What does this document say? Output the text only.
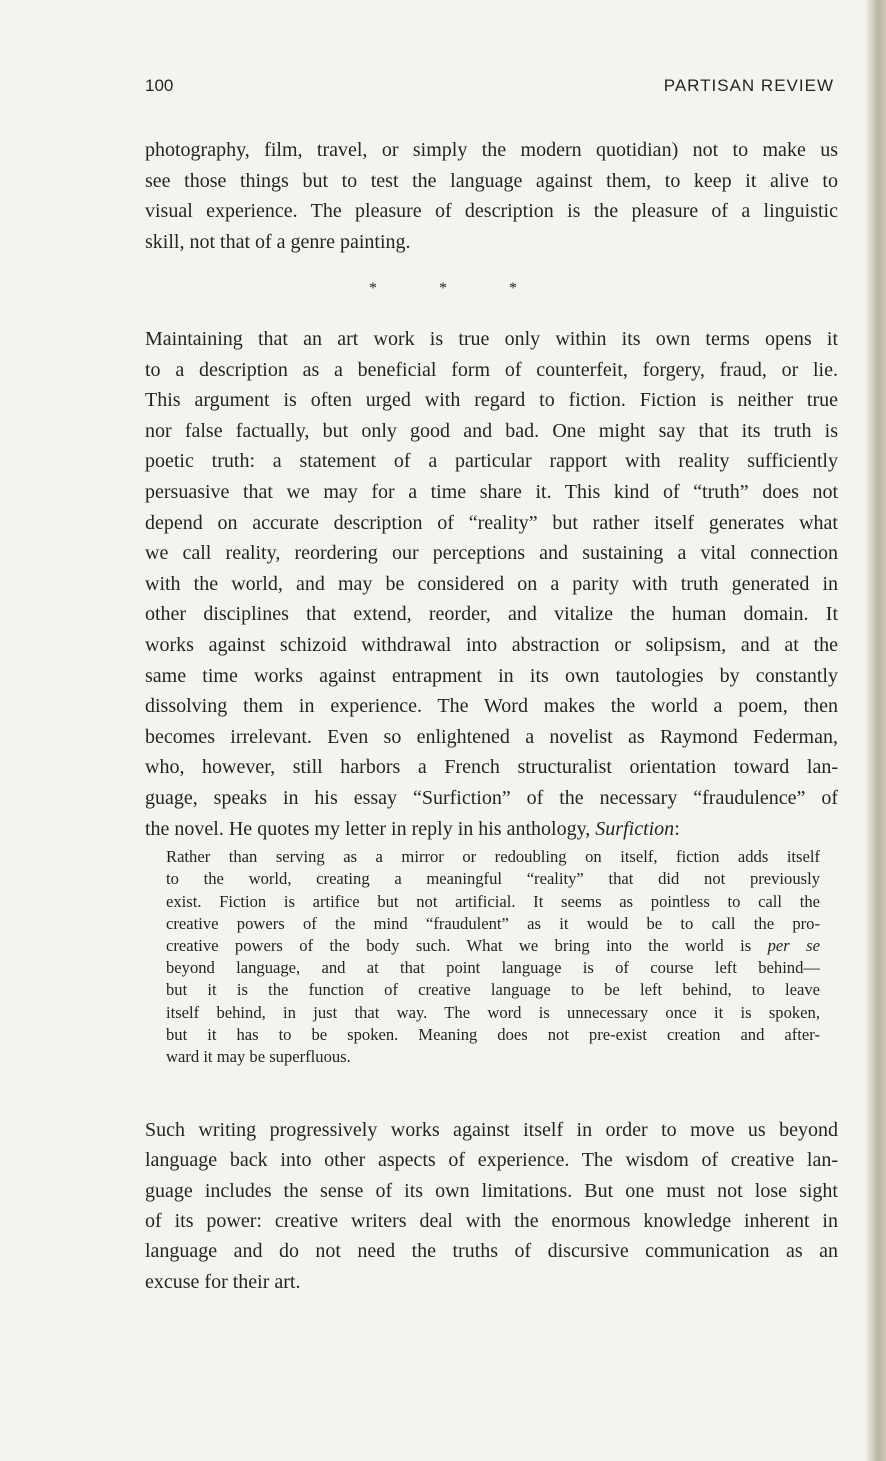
100	PARTISAN REVIEW
photography, film, travel, or simply the modern quotidian) not to make us
see those things but to test the language against them, to keep it alive to
visual experience. The pleasure of description is the pleasure of a linguistic
skill, not that of a genre painting.
*	*	*
Maintaining that an art work is true only within its own terms opens it
to a description as a beneficial form of counterfeit, forgery, fraud, or lie.
This argument is often urged with regard to fiction. Fiction is neither true
nor false factually, but only good and bad. One might say that its truth is
poetic truth: a statement of a particular rapport with reality sufficiently
persuasive that we may for a time share it. This kind of “truth” does not
depend on accurate description of “reality” but rather itself generates what
we call reality, reordering our perceptions and sustaining a vital connection
with the world, and may be considered on a parity with truth generated in
other disciplines that extend, reorder, and vitalize the human domain. It
works against schizoid withdrawal into abstraction or solipsism, and at the
same time works against entrapment in its own tautologies by constantly
dissolving them in experience. The Word makes the world a poem, then
becomes irrelevant. Even so enlightened a novelist as Raymond Federman,
who, however, still harbors a French structuralist orientation toward lan-
guage, speaks in his essay “Surfiction” of the necessary “fraudulence” of
the novel. He quotes my letter in reply in his anthology, Surfiction:
Rather than serving as a mirror or redoubling on itself, fiction adds itself
to the world, creating a meaningful “reality” that did not previously
exist. Fiction is artifice but not artificial. It seems as pointless to call the
creative powers of the mind “fraudulent” as it would be to call the pro-
creative powers of the body such. What we bring into the world is per se
beyond language, and at that point language is of course left behind—
but it is the function of creative language to be left behind, to leave
itself behind, in just that way. The word is unnecessary once it is spoken,
but it has to be spoken. Meaning does not pre-exist creation and after-
ward it may be superfluous.
Such writing progressively works against itself in order to move us beyond
language back into other aspects of experience. The wisdom of creative lan-
guage includes the sense of its own limitations. But one must not lose sight
of its power: creative writers deal with the enormous knowledge inherent in
language and do not need the truths of discursive communication as an
excuse for their art.
